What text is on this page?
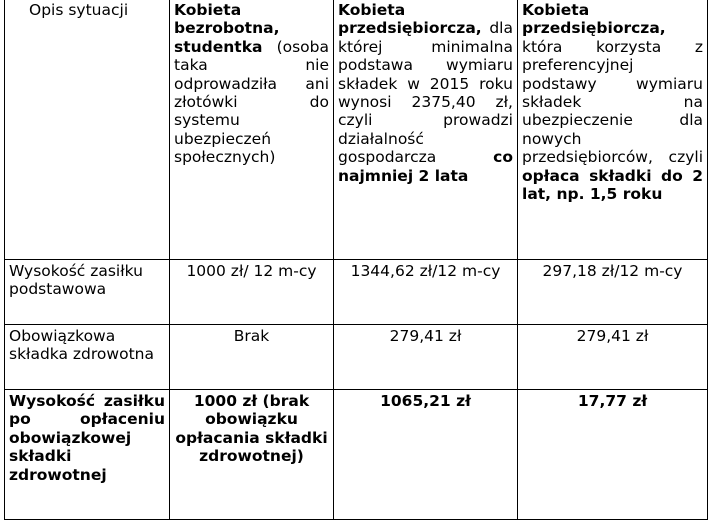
Opis sytuacji	Kobieta bezrobotna, studentka (osoba taka nie odprowadziła ani złotówki do systemu ubezpieczeń społecznych)	Kobieta przedsiębiorcza, dla której minimalna podstawa wymiaru składek w 2015 roku wynosi 2375,40 zł, czyli prowadzi działalność gospodarcza co najmniej 2 lata	Kobieta przedsiębiorcza, która korzysta z preferencyjnej podstawy wymiaru składek na ubezpieczenie dla nowych przedsiębiorców, czyli opłaca składki do 2 lat, np. 1,5 roku
Wysokość zasiłku podstawowa	1000 zł/ 12 m-cy	1344,62 zł/12 m-cy	297,18 zł/12 m-cy
Obowiązkowa składka zdrowotna	Brak	279,41 zł	279,41 zł
Wysokość zasiłku po opłaceniu obowiązkowej składki zdrowotnej	1000 zł (brak obowiązku opłacania składki zdrowotnej)	1065,21 zł	17,77 zł
